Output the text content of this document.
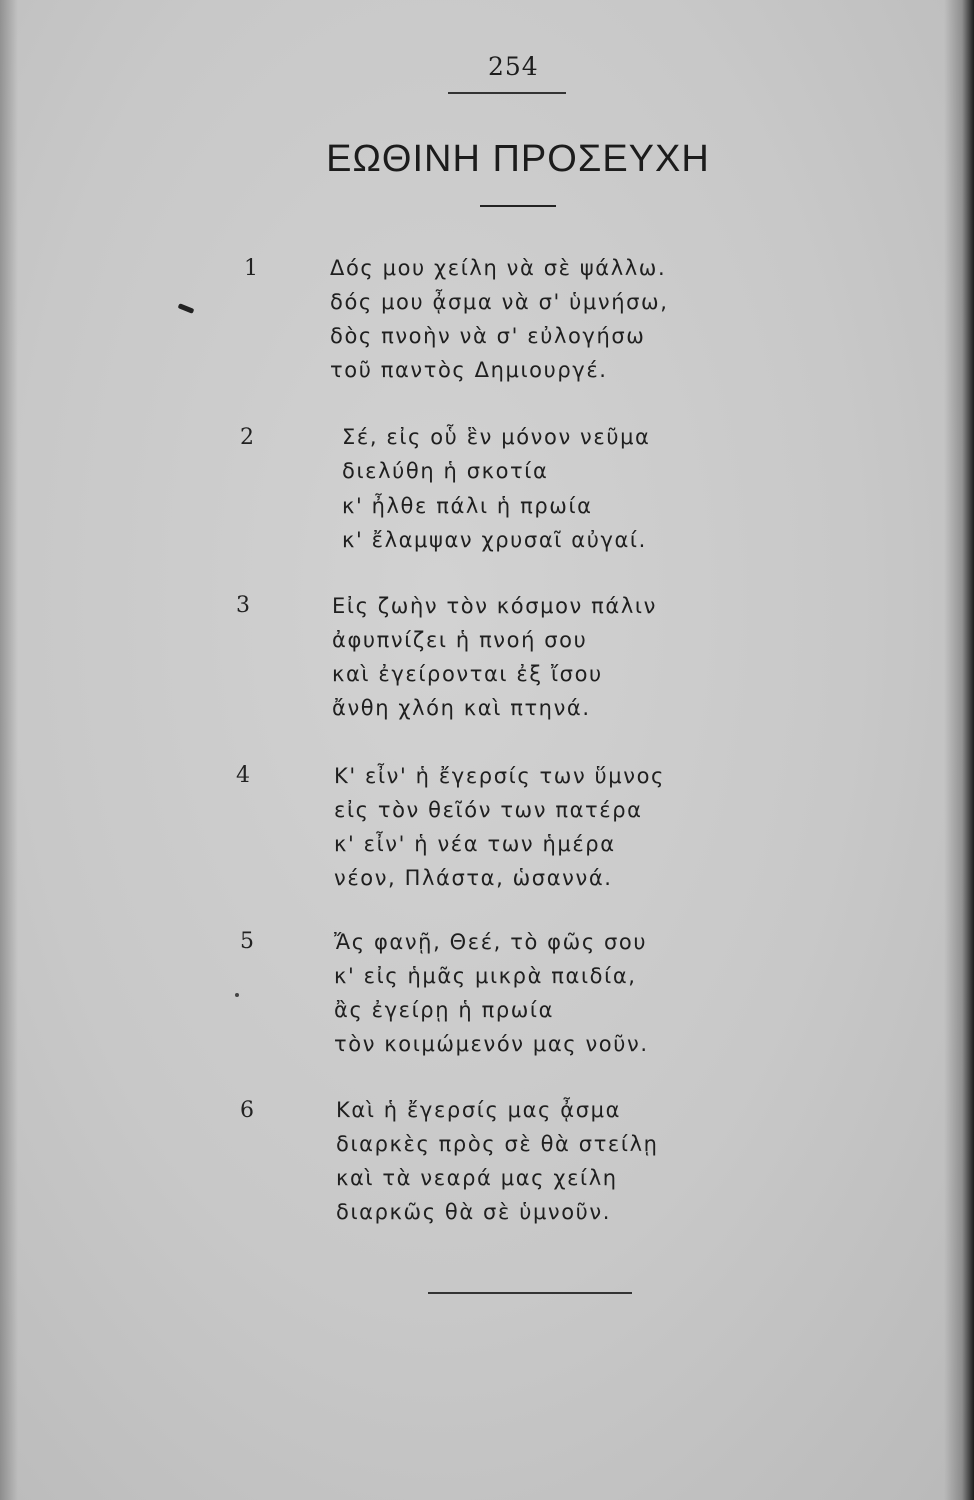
254
ΕΩΘΙΝΗ ΠΡΟΣΕΥΧΗ
1	Δός μου χείλη νὰ σὲ ψάλλω.
δός μου ᾆσμα νὰ σ' ὑμνήσω,
δὸς πνοὴν νὰ σ' εὐλογήσω
τοῦ παντὸς Δημιουργέ.
2	Σέ, εἰς οὗ ἓν μόνον νεῦμα
διελύθη ἡ σκοτία
κ' ἦλθε πάλι ἡ πρωία
κ' ἔλαμψαν χρυσαῖ αὐγαί.
3	Εἰς ζωὴν τὸν κόσμον πάλιν
ἀφυπνίζει ἡ πνοή σου
καὶ ἐγείρονται ἐξ ἴσου
ἄνθη χλόη καὶ πτηνά.
4	Κ' εἶν' ἡ ἔγερσίς των ὕμνος
εἰς τὸν θεῖόν των πατέρα
κ' εἶν' ἡ νέα των ἡμέρα
νέον, Πλάστα, ὡσαννά.
5	Ἄς φανῇ, Θεέ, τὸ φῶς σου
κ' εἰς ἡμᾶς μικρὰ παιδία,
ἂς ἐγείρῃ ἡ πρωία
τὸν κοιμώμενόν μας νοῦν.
6	Καὶ ἡ ἔγερσίς μας ᾆσμα
διαρκὲς πρὸς σὲ θὰ στείλῃ
καὶ τὰ νεαρά μας χείλη
διαρκῶς θὰ σὲ ὑμνοῦν.
